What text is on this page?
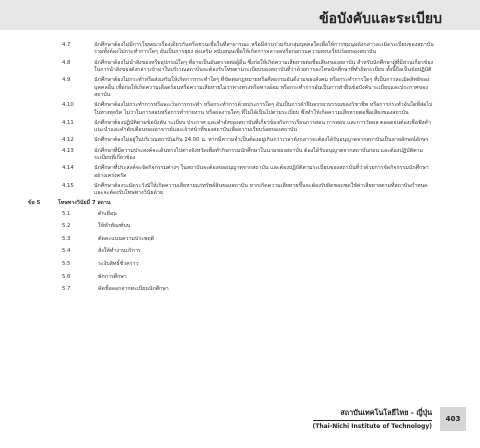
ข้อบังคับและระเบียบ
4.7	นักศึกษาต้องไม่มีการโฆษณาเรื่องเดียวกันหรือชวนเชื่อในที่สาธารณะ หรือมีส่วนร่วมกับกลุ่มบุคคลใดเพื่อให้การชุมนุมดังกล่าวละเมิดระเบียบของสถาบัน รวมทั้งต้องไม่กระทำการใดๆ อันเป็นการยุยง ส่งเสริม สนับสนุนเพื่อให้เกิดการจลาจลหรือก่อกวนความสงบเรียบร้อยของสถาบัน
4.8	นักศึกษาต้องไม่นำสิ่งของหรืออุปกรณ์ใดๆ ที่อาจเป็นอันตรายต่อผู้อื่น ซึ่งก่อให้เกิดความเสียหายต่อชื่อเสียงของสถาบัน สำหรับนักศึกษาผู้ที่มีส่วนเกี่ยวข้องในการนำสิ่งของดังกล่าวเข้ามาในบริเวณสถาบันจะต้องรับโทษตามระเบียบของสถาบันที่ว่าด้วยการลงโทษนักศึกษาที่ทำผิดระเบียบ ทั้งนี้ถือเป็นข้อปฏิบัติ
4.9	นักศึกษาต้องไม่กระทำหรือส่งเสริมให้เกิดการกระทำใดๆ ที่ขัดต่อกฎหมายหรือศีลธรรมอันดีงามของสังคม หรือกระทำการใดๆ ที่เป็นการละเมิดสิทธิของบุคคลอื่น เพื่อก่อให้เกิดความเดือดร้อนหรือความเสียหายไม่ว่าทางตรงหรือทางอ้อม หรือกระทำการอันเป็นการฝ่าฝืนข้อบังคับ ระเบียบและประกาศของสถาบัน
4.10	นักศึกษาต้องไม่กระทำการหรือละเว้นการกระทำ หรือกระทำการด้วยประการใดๆ อันเป็นการฝ่าฝืนจรรยาบรรณของวิชาชีพ หรือการกระทำอันใดที่ส่อไปในทางทุจริต ไม่ว่าในการสอบหรือการทำรายงาน หรือผลงานใดๆ ที่ไม่ได้เป็นไปตามระเบียบ ซึ่งทำให้เกิดความเสียหายต่อชื่อเสียงของสถาบัน
4.11	นักศึกษาต้องปฏิบัติตามข้อบังคับ ระเบียบ ประกาศ และคำสั่งของสถาบันที่เกี่ยวข้องกับการเรียนการสอน การสอบ และการวัดผล ตลอดจนต้องเชื่อฟังคำแนะนำและคำตักเตือนของอาจารย์และเจ้าหน้าที่ของสถาบันเพื่อความเรียบร้อยของสถาบัน
4.12	นักศึกษาต้องไม่อยู่ในบริเวณสถาบันเกิน 24.00 น. หากมีความจำเป็นต้องอยู่เกินกว่าเวลาดังกล่าวจะต้องได้รับอนุญาตจากสถาบันเป็นลายลักษณ์อักษร
4.13	นักศึกษาที่มีความประสงค์จะเดินทางไปต่างจังหวัดเพื่อทำกิจกรรมนักศึกษาในนามของสถาบัน ต้องได้รับอนุญาตจากสถาบันก่อน และต้องปฏิบัติตามระเบียบที่เกี่ยวข้อง
4.14	นักศึกษาที่ประสงค์จะจัดกิจกรรมต่างๆ ในสถาบันจะต้องขออนุญาตจากสถาบัน และต้องปฏิบัติตามระเบียบของสถาบันที่ว่าด้วยการจัดกิจกรรมนักศึกษาอย่างเคร่งครัด
4.15	นักศึกษาต้องระมัดระวังมิให้เกิดความเสียหายแก่ทรัพย์สินของสถาบัน หากเกิดความเสียหายขึ้นจะต้องรับผิดชอบชดใช้ค่าเสียหายตามที่สถาบันกำหนด และจะต้องรับโทษทางวินัยด้วย
ข้อ 5	โทษทางวินัยมี 7 สถาน
5.1	ตักเตือน
5.2	ให้ทำทัณฑ์บน
5.3	ตัดคะแนนความประพฤติ
5.4	สั่งให้ทำงานบริการ
5.5	ระงับสิทธิ์ชั่วคราว
5.6	พักการศึกษา
5.7	คัดชื่อออกจากทะเบียนนักศึกษา
สถาบันเทคโนโลยีไทย - ญี่ปุ่น
(Thai-Nichi Institute of Technology)
403
